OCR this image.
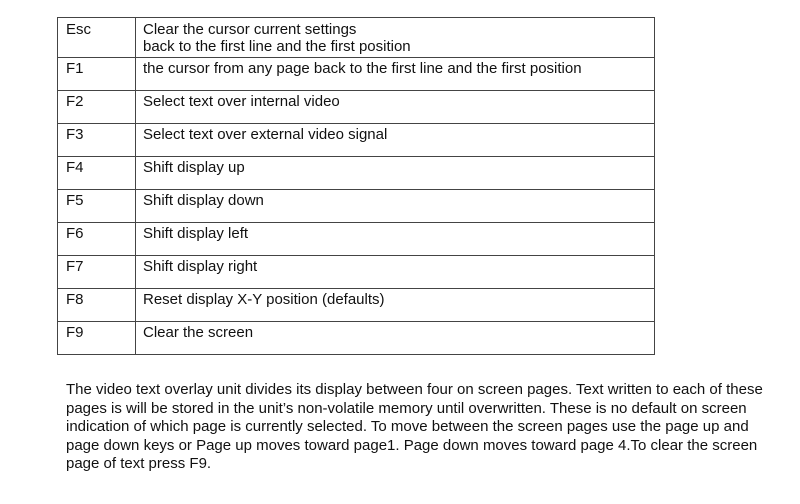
Esc	Clear the cursor current settings
back to the first line and the first position
F1	the cursor from any page back to the first line and the first position
F2	Select text over internal video
F3	Select text over external video signal
F4	Shift display up
F5	Shift display down
F6	Shift display left
F7	Shift display right
F8	Reset display X-Y position (defaults)
F9	Clear the screen

The video text overlay unit divides its display between four on screen pages. Text written to each of these pages is will be stored in the unit’s non-volatile memory until overwritten. These is no default on screen indication of which page is currently selected. To move between the screen pages use the page up and page down keys or Page up moves toward page1. Page down moves toward page 4.To clear the screen page of text press F9.
